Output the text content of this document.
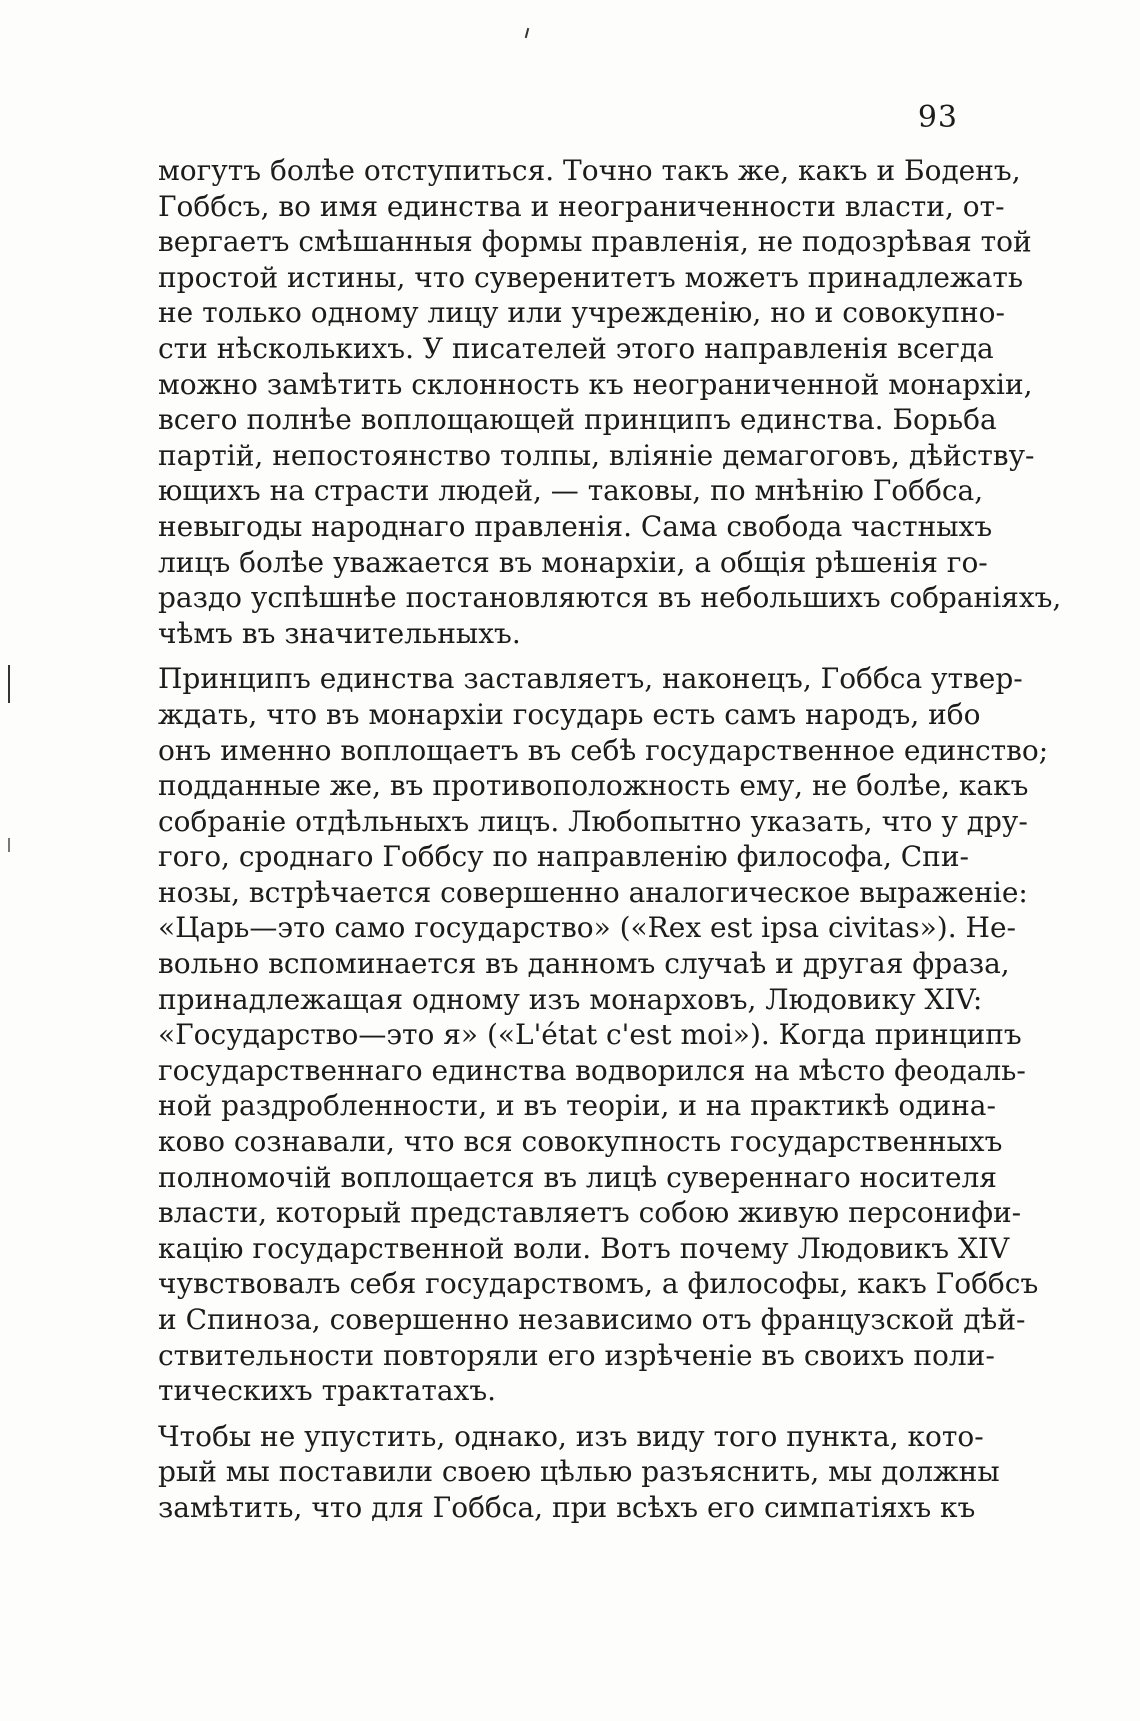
93
могутъ болѣе отступиться. Точно такъ же, какъ и Боденъ,
Гоббсъ, во имя единства и неограниченности власти, от-
вергаетъ смѣшанныя формы правленія, не подозрѣвая той
простой истины, что суверенитетъ можетъ принадлежать
не только одному лицу или учрежденію, но и совокупно-
сти нѣсколькихъ. У писателей этого направленія всегда
можно замѣтить склонность къ неограниченной монархіи,
всего полнѣе воплощающей принципъ единства. Борьба
партій, непостоянство толпы, вліяніе демагоговъ, дѣйству-
ющихъ на страсти людей, — таковы, по мнѣнію Гоббса,
невыгоды народнаго правленія. Сама свобода частныхъ
лицъ болѣе уважается въ монархіи, а общія рѣшенія го-
раздо успѣшнѣе постановляются въ небольшихъ собраніяхъ,
чѣмъ въ значительныхъ.
Принципъ единства заставляетъ, наконецъ, Гоббса утвер-
ждать, что въ монархіи государь есть самъ народъ, ибо
онъ именно воплощаетъ въ себѣ государственное единство;
подданные же, въ противоположность ему, не болѣе, какъ
собраніе отдѣльныхъ лицъ. Любопытно указать, что у дру-
гого, сроднаго Гоббсу по направленію философа, Спи-
нозы, встрѣчается совершенно аналогическое выраженіе:
«Царь—это само государство» («Rex est ipsa civitas»). Не-
вольно вспоминается въ данномъ случаѣ и другая фраза,
принадлежащая одному изъ монарховъ, Людовику XIV:
«Государство—это я» («L'état c'est moi»). Когда принципъ
государственнаго единства водворился на мѣсто феодаль-
ной раздробленности, и въ теоріи, и на практикѣ одина-
ково сознавали, что вся совокупность государственныхъ
полномочій воплощается въ лицѣ сувереннаго носителя
власти, который представляетъ собою живую персонифи-
кацію государственной воли. Вотъ почему Людовикъ XIV
чувствовалъ себя государствомъ, а философы, какъ Гоббсъ
и Спиноза, совершенно независимо отъ французской дѣй-
ствительности повторяли его изрѣченіе въ своихъ поли-
тическихъ трактатахъ.
Чтобы не упустить, однако, изъ виду того пункта, кото-
рый мы поставили своею цѣлью разъяснить, мы должны
замѣтить, что для Гоббса, при всѣхъ его симпатіяхъ къ
